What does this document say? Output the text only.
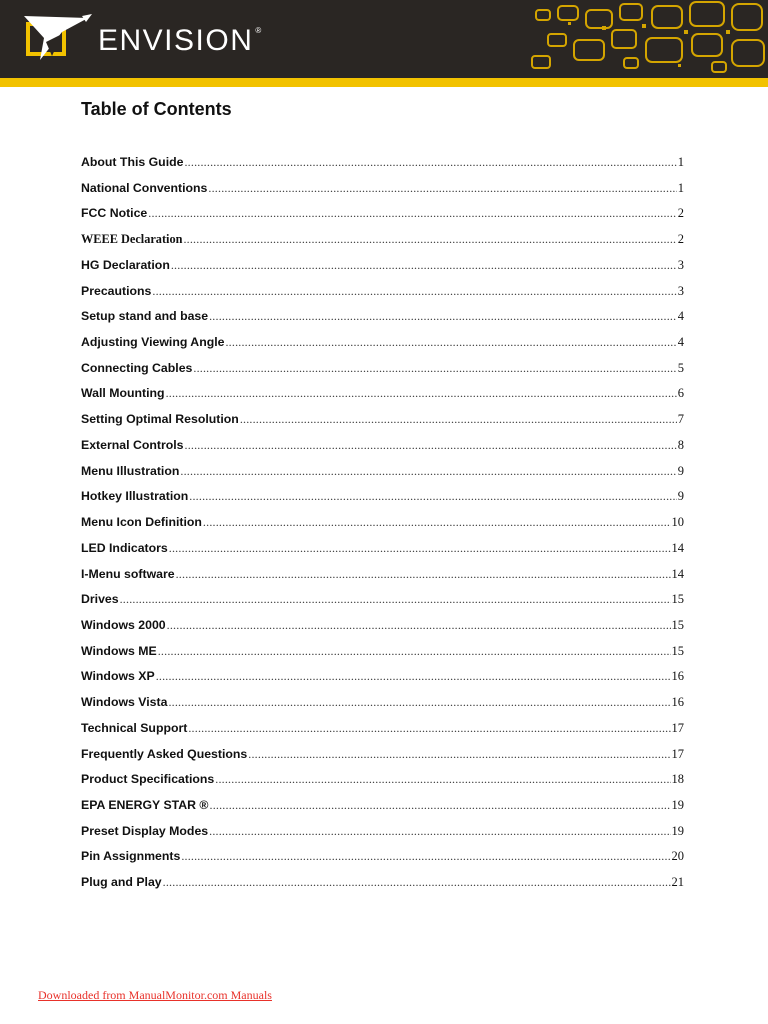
ENVISION ®
Table of Contents
About This Guide .....	1
National Conventions .....	1
FCC Notice .....	2
WEEE Declaration .....	2
HG Declaration .....	3
Precautions .....	3
Setup stand and base .....	4
Adjusting Viewing Angle .....	4
Connecting Cables .....	5
Wall Mounting .....	6
Setting Optimal Resolution .....	7
External Controls .....	8
Menu Illustration .....	9
Hotkey Illustration .....	9
Menu Icon Definition .....	10
LED Indicators .....	14
I-Menu software .....	14
Drives .....	15
Windows 2000 .....	15
Windows ME .....	15
Windows XP .....	16
Windows Vista .....	16
Technical Support .....	17
Frequently Asked Questions .....	17
Product Specifications .....	18
EPA ENERGY STAR ® .....	19
Preset Display Modes .....	19
Pin Assignments .....	20
Plug and Play .....	21
Downloaded from ManualMonitor.com Manuals
